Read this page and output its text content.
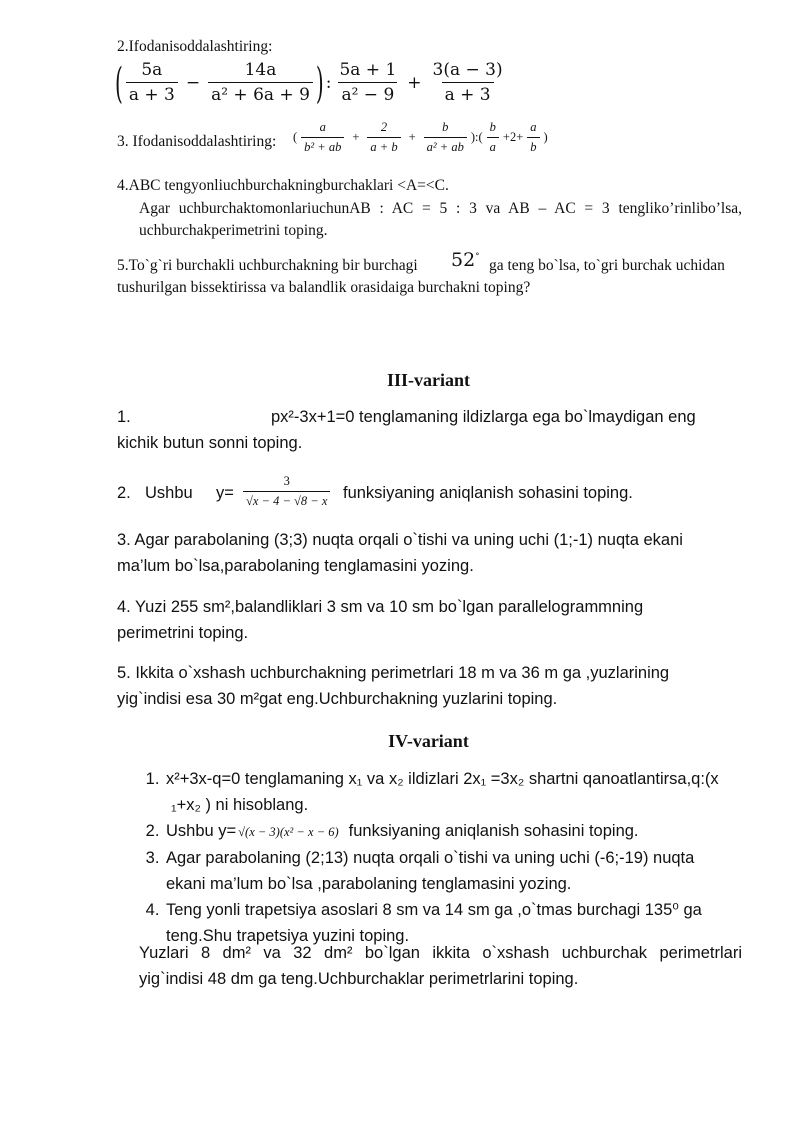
2.Ifodanisoddalashtiring:
( $\frac{5a}{a + 3} - \frac{14a}{\text{a² + 6a + 9}}$ ) : $\frac{5a + 1}{\text{a² − 9}} + \frac{3(a - 3)}{a + 3}$
3. Ifodanisoddalashtiring: ( $\frac{a}{\text{b² + ab}} + \frac{2}{a + b} + \frac{b}{\text{a² + ab}}$ ):( $\frac{b}{a} +2+ \frac{a}{b}$ )
4.ABC tengyonliuchburchakningburchaklari <A=<C.
Agar uchburchaktomonlariuchunAB : AC = 5 : 3 va AB – AC = 3 tengliko’rinlibo’lsa,
uchburchakperimetrini toping.
5.To`g`ri burchakli uchburchakning bir burchagi 52°
ga teng bo`lsa, to`gri burchak uchidan
tushurilgan bissektirissa va balandlik orasidaiga burchakni toping?
III-variant
1.	px²-3x+1=0 tenglamaning ildizlarga ega bo`lmaydigan eng
kichik butun sonni toping.
2. Ushbu $y= \frac{3}{√x - 4 - √8 - x}$ funksiyaning aniqlanish sohasini toping.
3. Agar parabolaning (3;3) nuqta orqali o`tishi va uning uchi (1;-1) nuqta ekani
ma’lum bo`lsa,parabolaning tenglamasini yozing.
4. Yuzi 255 sm²,balandliklari 3 sm va 10 sm bo`lgan parallelogrammning
perimetrini toping.
5. Ikkita o`xshash uchburchakning perimetrlari 18 m va 36 m ga ,yuzlarining
yig`indisi esa 30 m²gat eng.Uchburchakning yuzlarini toping.
IV-variant
1. x²+3x-q=0 tenglamaning x₁ va x₂ ildizlari 2x₁ =3x₂ shartni qanoatlantirsa,q:(x
₁+x₂ ) ni hisoblang.
2. Ushbu y= √(x − 3)(x² − x − 6) funksiyaning aniqlanish sohasini toping.
3. Agar parabolaning (2;13) nuqta orqali o`tishi va uning uchi (-6;-19) nuqta
ekani ma’lum bo`lsa ,parabolaning tenglamasini yozing.
4. Teng yonli trapetsiya asoslari 8 sm va 14 sm ga ,o`tmas burchagi 135⁰ ga
teng.Shu trapetsiya yuzini toping.
Yuzlari 8 dm² va 32 dm² bo`lgan ikkita o`xshash uchburchak perimetrlari
yig`indisi 48 dm ga teng.Uchburchaklar perimetrlarini toping.
